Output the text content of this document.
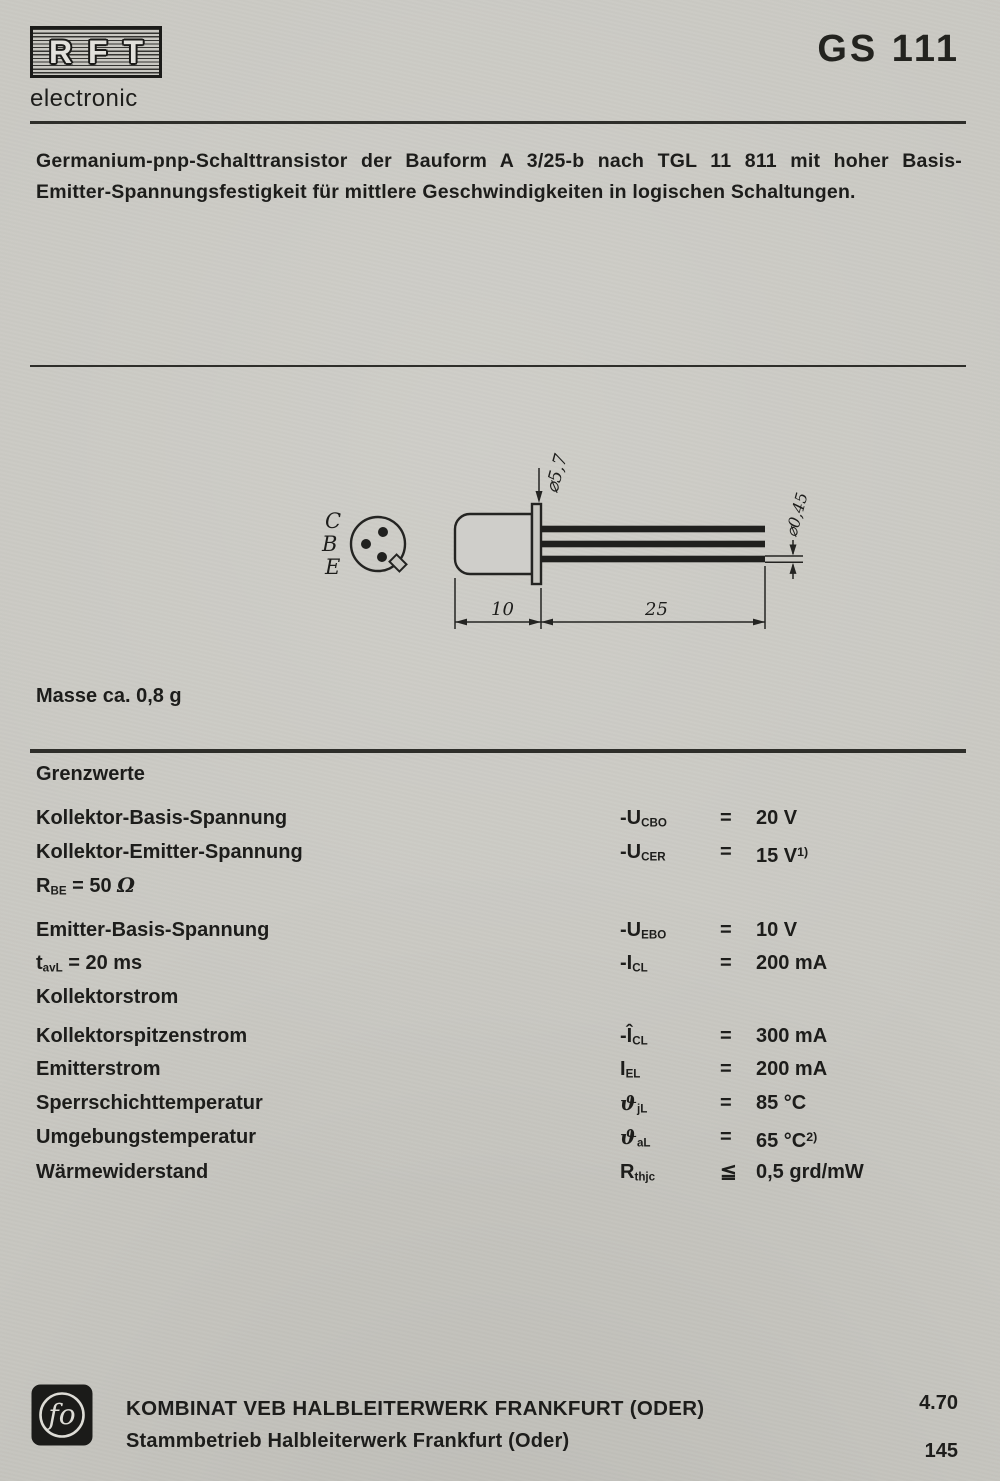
R F T
electronic
GS 111
Germanium-pnp-Schalttransistor der Bauform A 3/25-b nach TGL 11 811 mit hoher Basis-
Emitter-Spannungsfestigkeit für mittlere Geschwindigkeiten in logischen Schaltungen.
C
B
E
⌀5,7
⌀0,45
10	25
Masse ca. 0,8 g
Grenzwerte
Kollektor-Basis-Spannung	$-U_{CBO}$	=	20 V
Kollektor-Emitter-Spannung	$-U_{CER}$	=	15 $V^{1)}$
$R_{BE} = 50$ Ω
Emitter-Basis-Spannung	$-U_{EBO}$	=	10 V
$t_{avL} = 20$ ms	$-I_{CL}$	=	200 mA
Kollektorstrom
Kollektorspitzenstrom	$-Î_{CL}$	=	300 mA
Emitterstrom	$I_{EL}$	=	200 mA
Sperrschichttemperatur	$ϑ_{jL}$	=	85 °C
Umgebungstemperatur	$ϑ_{aL}$	=	65 $^\circ C^{2)}$
Wärmewiderstand	$R_{thjc}$	≦ 0,5 grd/mW
fo KOMBINAT VEB HALBLEITERWERK FRANKFURT (ODER)
Stammbetrieb Halbleiterwerk Frankfurt (Oder)
4.70
145
